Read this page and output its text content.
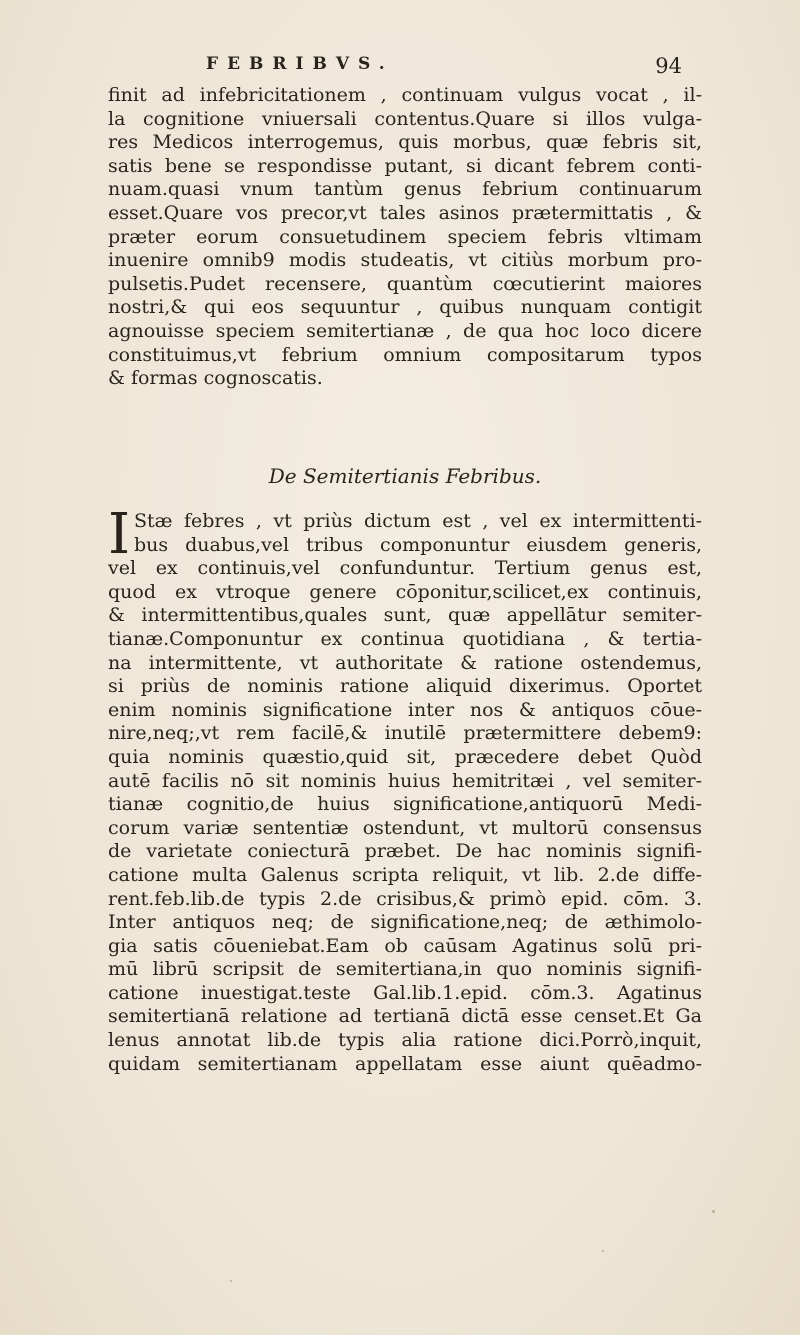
FEBRIBVS.	94
finit ad infebricitationem , continuam vulgus vocat , il-
la cognitione vniuersali contentus.Quare si illos vulga-
res Medicos interrogemus, quis morbus, quæ febris sit,
satis bene se respondisse putant, si dicant febrem conti-
nuam.quasi vnum tantùm genus febrium continuarum
esset.Quare vos precor,vt tales asinos prætermittatis , &
præter eorum consuetudinem speciem febris vltimam
inuenire omnib9 modis studeatis, vt citiùs morbum pro-
pulsetis.Pudet recensere, quantùm cœcutierint maiores
nostri,& qui eos sequuntur , quibus nunquam contigit
agnouisse speciem semitertianæ , de qua hoc loco dicere
constituimus,vt febrium omnium compositarum typos
& formas cognoscatis.
De Semitertianis Febribus.
I Stæ febres , vt priùs dictum est , vel ex intermittenti-
bus duabus,vel tribus componuntur eiusdem generis,
vel ex continuis,vel confunduntur. Tertium genus est,
quod ex vtroque genere cōponitur,scilicet,ex continuis,
& intermittentibus,quales sunt, quæ appellātur semiter-
tianæ.Componuntur ex continua quotidiana , & tertia-
na intermittente, vt authoritate & ratione ostendemus,
si priùs de nominis ratione aliquid dixerimus. Oportet
enim nominis significatione inter nos & antiquos cōue-
nire,neq;,vt rem facilē,& inutilē prætermittere debem9:
quia nominis quæstio,quid sit, præcedere debet Quòd
autē facilis nō sit nominis huius hemitritæi , vel semiter-
tianæ cognitio,de huius significatione,antiquorū Medi-
corum variæ sententiæ ostendunt, vt multorū consensus
de varietate coniecturā præbet. De hac nominis signifi-
catione multa Galenus scripta reliquit, vt lib. 2.de diffe-
rent.feb.lib.de typis 2.de crisibus,& primò epid. cōm. 3.
Inter antiquos neq; de significatione,neq; de æthimolo-
gia satis cōueniebat.Eam ob caūsam Agatinus solū pri-
mū librū scripsit de semitertiana,in quo nominis signifi-
catione inuestigat.teste Gal.lib.1.epid. cōm.3. Agatinus
semitertianā relatione ad tertianā dictā esse censet.Et Ga
lenus annotat lib.de typis alia ratione dici.Porrò,inquit,
quidam semitertianam appellatam esse aiunt quēadmo-
